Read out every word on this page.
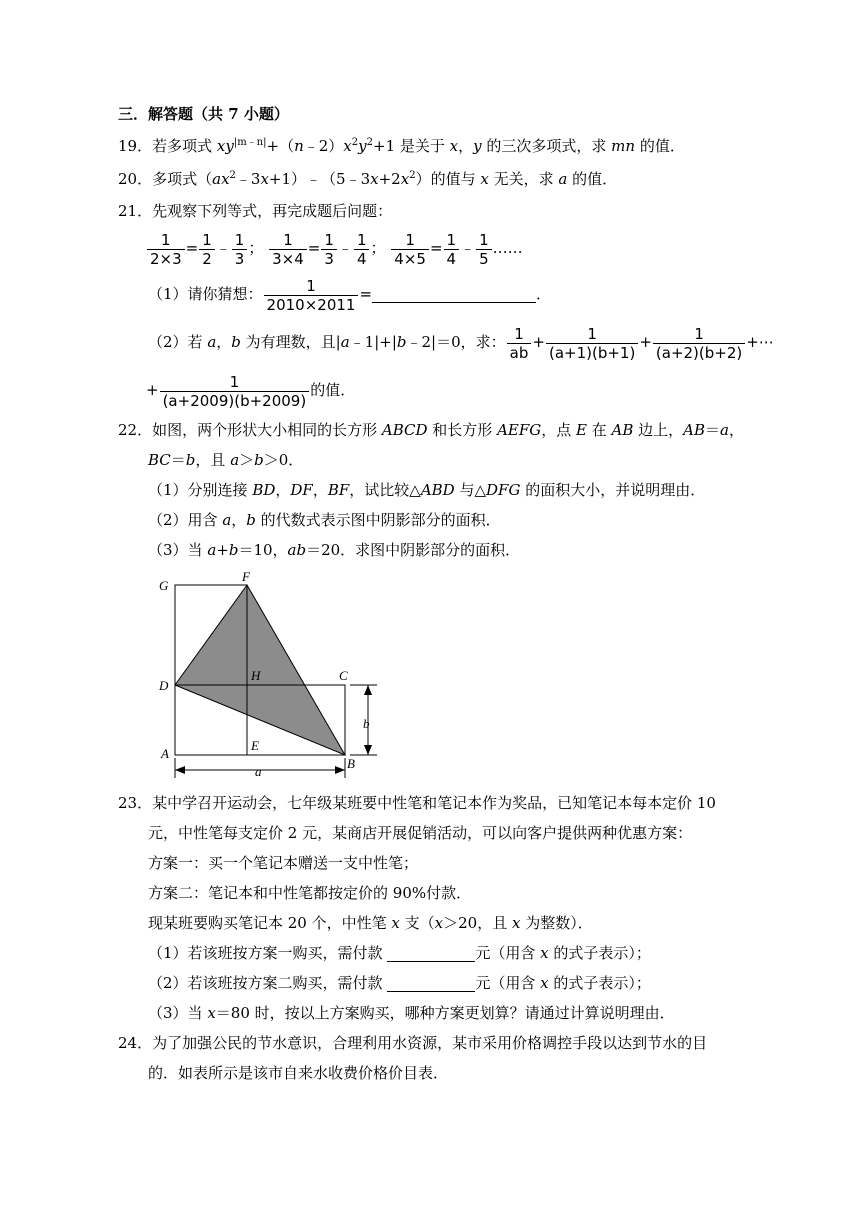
三．解答题（共 7 小题）
19．若多项式 $xy^{|m﹣n|}+(n﹣2)x^2y^2+1$ 是关于 x，y 的三次多项式，求 mn 的值．
20．多项式$(ax^2﹣3x+1)﹣(5﹣3x+2x^2)$的值与 x 无关，求 a 的值．
21．先观察下列等式，再完成题后问题：
$\frac{1}{2\times 3} = \frac{1}{2}$ ﹣ $\frac{1}{3}$ ； $\frac{1}{3\times 4} = \frac{1}{3}$ ﹣ $\frac{1}{4}$ ； $\frac{1}{4\times 5} = \frac{1}{4}$ ﹣ $\frac{1}{5}$ ……
（1）请你猜想： $\frac{1}{2010\times 2011}$ =	．
（2）若 a，b 为有理数，且|a﹣1|+|b﹣2|＝0，求： $\frac{1}{ab} + \frac{1}{(a+1)(b+1)} + \frac{1}{(a+2)(b+2)}$ +⋯
+ $\frac{1}{(a+2009)(b+2009)}$ 的值．
22．如图，两个形状大小相同的长方形 ABCD 和长方形 AEFG，点 E 在 AB 边上，AB＝a，
BC＝b，且 a＞b＞0．
（1）分别连接 BD，DF，BF，试比较△ABD 与△DFG 的面积大小，并说明理由．
（2）用含 a，b 的代数式表示图中阴影部分的面积．
（3）当 a+b＝10，ab＝20．求图中阴影部分的面积．
G
F
D
H	C
A
E
B
a
b
23．某中学召开运动会，七年级某班要中性笔和笔记本作为奖品，已知笔记本每本定价 10
元，中性笔每支定价 2 元，某商店开展促销活动，可以向客户提供两种优惠方案：
方案一：买一个笔记本赠送一支中性笔；
方案二：笔记本和中性笔都按定价的 90%付款．
现某班要购买笔记本 20 个，中性笔 x 支（x＞20，且 x 为整数）．
（1）若该班按方案一购买，需付款	元（用含 x 的式子表示）；
（2）若该班按方案二购买，需付款	元（用含 x 的式子表示）；
（3）当 x＝80 时，按以上方案购买，哪种方案更划算？请通过计算说明理由．
24．为了加强公民的节水意识，合理利用水资源，某市采用价格调控手段以达到节水的目
的．如表所示是该市自来水收费价格价目表．
